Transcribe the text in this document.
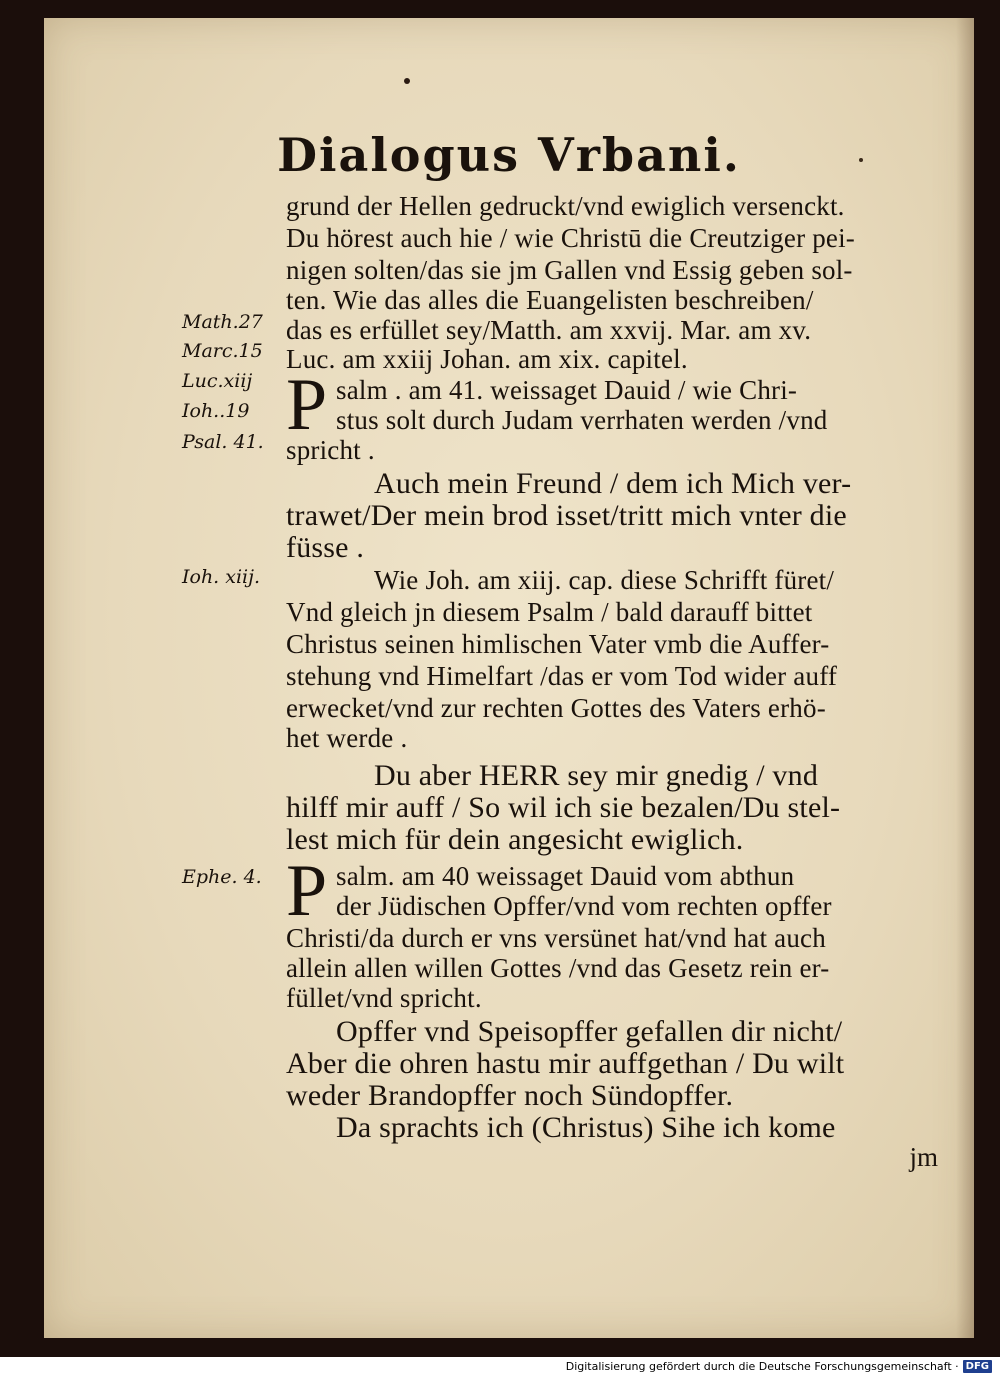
Dialogus Vrbani.
Math.27
Marc.15
Luc.xiij
Ioh..19
Psal. 41.
Ioh. xiij.
Ephe. 4.
grund der Hellen gedruckt/vnd ewiglich versenckt.
Du hörest auch hie / wie Christū die Creutziger pei-
nigen solten/das sie jm Gallen vnd Essig geben sol-
ten. Wie das alles die Euangelisten beschreiben/
das es erfüllet sey/Matth. am xxvij. Mar. am xv.
Luc. am xxiij Johan. am xix. capitel.
P salm . am 41. weissaget Dauid / wie Chri-
stus solt durch Judam verrhaten werden /vnd
spricht .
Auch mein Freund / dem ich Mich ver-
trawet/Der mein brod isset/tritt mich vnter die
füsse .
Wie Joh. am xiij. cap. diese Schrifft füret/
Vnd gleich jn diesem Psalm / bald darauff bittet
Christus seinen himlischen Vater vmb die Auffer-
stehung vnd Himelfart /das er vom Tod wider auff
erwecket/vnd zur rechten Gottes des Vaters erhö-
het werde .
Du aber HERR sey mir gnedig / vnd
hilff mir auff / So wil ich sie bezalen/Du stel-
lest mich für dein angesicht ewiglich.
P salm. am 40 weissaget Dauid vom abthun
der Jüdischen Opffer/vnd vom rechten opffer
Christi/da durch er vns versünet hat/vnd hat auch
allein allen willen Gottes /vnd das Gesetz rein er-
füllet/vnd spricht.
Opffer vnd Speisopffer gefallen dir nicht/
Aber die ohren hastu mir auffgethan / Du wilt
weder Brandopffer noch Sündopffer.
Da sprachts ich (Christus) Sihe ich kome
jm
Digitalisierung gefördert durch die Deutsche Forschungsgemeinschaft · DFG
